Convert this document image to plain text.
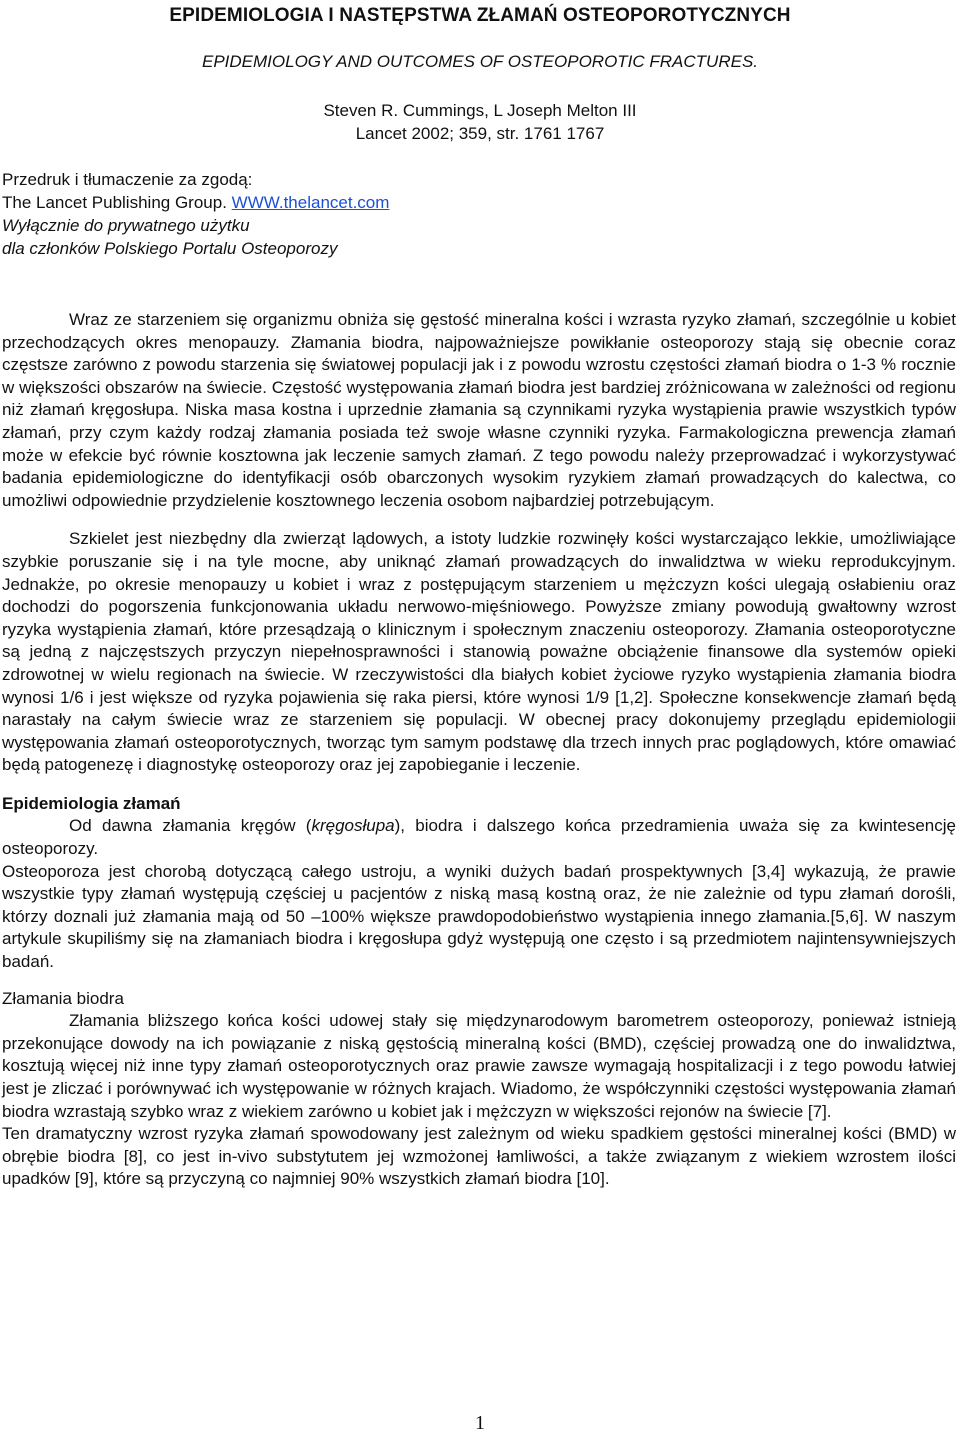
EPIDEMIOLOGIA I NASTĘPSTWA ZŁAMAŃ OSTEOPOROTYCZNYCH
EPIDEMIOLOGY AND OUTCOMES OF OSTEOPOROTIC FRACTURES.
Steven R. Cummings, L Joseph Melton III
Lancet 2002; 359, str. 1761 1767
Przedruk i tłumaczenie za zgodą:
The Lancet Publishing Group. WWW.thelancet.com
Wyłącznie do prywatnego użytku
dla członków Polskiego Portalu Osteoporozy

Wraz ze starzeniem się organizmu obniża się gęstość mineralna kości i wzrasta ryzyko złamań, szczególnie u kobiet przechodzących okres menopauzy. Złamania biodra, najpoważniejsze powikłanie osteoporozy stają się obecnie coraz częstsze zarówno z powodu starzenia się światowej populacji jak i z powodu wzrostu częstości złamań biodra o 1-3 % rocznie w większości obszarów na świecie. Częstość występowania złamań biodra jest bardziej zróżnicowana w zależności od regionu niż złamań kręgosłupa. Niska masa kostna i uprzednie złamania są czynnikami ryzyka wystąpienia prawie wszystkich typów złamań, przy czym każdy rodzaj złamania posiada też swoje własne czynniki ryzyka. Farmakologiczna prewencja złamań może w efekcie być równie kosztowna jak leczenie samych złamań. Z tego powodu należy przeprowadzać i wykorzystywać badania epidemiologiczne do identyfikacji osób obarczonych wysokim ryzykiem złamań prowadzących do kalectwa, co umożliwi odpowiednie przydzielenie kosztownego leczenia osobom najbardziej potrzebującym.

Szkielet jest niezbędny dla zwierząt lądowych, a istoty ludzkie rozwinęły kości wystarczająco lekkie, umożliwiające szybkie poruszanie się i na tyle mocne, aby uniknąć złamań prowadzących do inwalidztwa w wieku reprodukcyjnym. Jednakże, po okresie menopauzy u kobiet i wraz z postępującym starzeniem u mężczyzn kości ulegają osłabieniu oraz dochodzi do pogorszenia funkcjonowania układu nerwowo-mięśniowego. Powyższe zmiany powodują gwałtowny wzrost ryzyka wystąpienia złamań, które przesądzają o klinicznym i społecznym znaczeniu osteoporozy. Złamania osteoporotyczne są jedną z najczęstszych przyczyn niepełnosprawności i stanowią poważne obciążenie finansowe dla systemów opieki zdrowotnej w wielu regionach na świecie. W rzeczywistości dla białych kobiet życiowe ryzyko wystąpienia złamania biodra wynosi 1/6 i jest większe od ryzyka pojawienia się raka piersi, które wynosi 1/9 [1,2]. Społeczne konsekwencje złamań będą narastały na całym świecie wraz ze starzeniem się populacji. W obecnej pracy dokonujemy przeglądu epidemiologii występowania złamań osteoporotycznych, tworząc tym samym podstawę dla trzech innych prac poglądowych, które omawiać będą patogenezę i diagnostykę osteoporozy oraz jej zapobieganie i leczenie.

Epidemiologia złamań

Od dawna złamania kręgów (kręgosłupa), biodra i dalszego końca przedramienia uważa się za kwintesencję osteoporozy.

Osteoporoza jest chorobą dotyczącą całego ustroju, a wyniki dużych badań prospektywnych [3,4] wykazują, że prawie wszystkie typy złamań występują częściej u pacjentów z niską masą kostną oraz, że nie zależnie od typu złamań dorośli, którzy doznali już złamania mają od 50 –100% większe prawdopodobieństwo wystąpienia innego złamania.[5,6]. W naszym artykule skupiliśmy się na złamaniach biodra i kręgosłupa gdyż występują one często i są przedmiotem najintensywniejszych badań.

Złamania biodra

Złamania bliższego końca kości udowej stały się międzynarodowym barometrem osteoporozy, ponieważ istnieją przekonujące dowody na ich powiązanie z niską gęstością mineralną kości (BMD), częściej prowadzą one do inwalidztwa, kosztują więcej niż inne typy złamań osteoporotycznych oraz prawie zawsze wymagają hospitalizacji i z tego powodu łatwiej jest je zliczać i porównywać ich występowanie w różnych krajach. Wiadomo, że współczynniki częstości występowania złamań biodra wzrastają szybko wraz z wiekiem zarówno u kobiet jak i mężczyzn w większości rejonów na świecie [7].

Ten dramatyczny wzrost ryzyka złamań spowodowany jest zależnym od wieku spadkiem gęstości mineralnej kości (BMD) w obrębie biodra [8], co jest in-vivo substytutem jej wzmożonej łamliwości, a także związanym z wiekiem wzrostem ilości upadków [9], które są przyczyną co najmniej 90% wszystkich złamań biodra [10].

1
